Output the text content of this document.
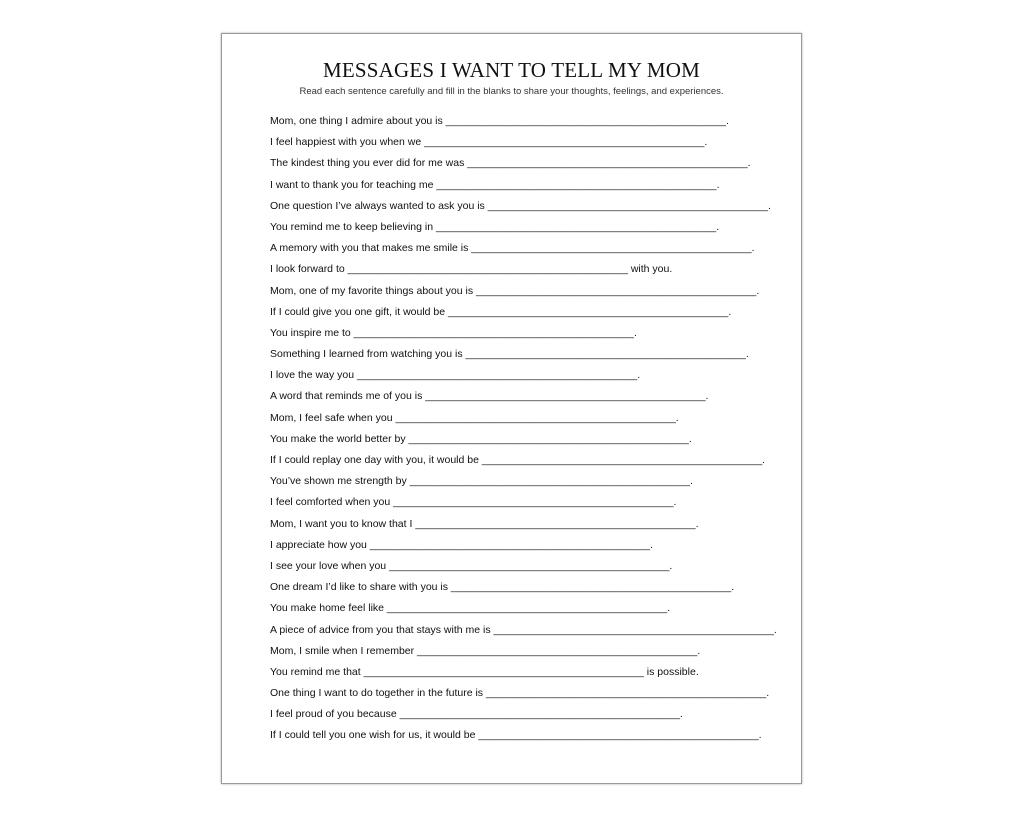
MESSAGES I WANT TO TELL MY MOM

Read each sentence carefully and fill in the blanks to share your thoughts, feelings, and experiences.

Mom, one thing I admire about you is ________________________________________________.
I feel happiest with you when we ________________________________________________.
The kindest thing you ever did for me was ________________________________________________.
I want to thank you for teaching me ________________________________________________.
One question I’ve always wanted to ask you is ________________________________________________.
You remind me to keep believing in ________________________________________________.
A memory with you that makes me smile is ________________________________________________.
I look forward to ________________________________________________ with you.
Mom, one of my favorite things about you is ________________________________________________.
If I could give you one gift, it would be ________________________________________________.
You inspire me to ________________________________________________.
Something I learned from watching you is ________________________________________________.
I love the way you ________________________________________________.
A word that reminds me of you is ________________________________________________.
Mom, I feel safe when you ________________________________________________.
You make the world better by ________________________________________________.
If I could replay one day with you, it would be ________________________________________________.
You’ve shown me strength by ________________________________________________.
I feel comforted when you ________________________________________________.
Mom, I want you to know that I ________________________________________________.
I appreciate how you ________________________________________________.
I see your love when you ________________________________________________.
One dream I’d like to share with you is ________________________________________________.
You make home feel like ________________________________________________.
A piece of advice from you that stays with me is ________________________________________________.
Mom, I smile when I remember ________________________________________________.
You remind me that ________________________________________________ is possible.
One thing I want to do together in the future is ________________________________________________.
I feel proud of you because ________________________________________________.
If I could tell you one wish for us, it would be ________________________________________________.
